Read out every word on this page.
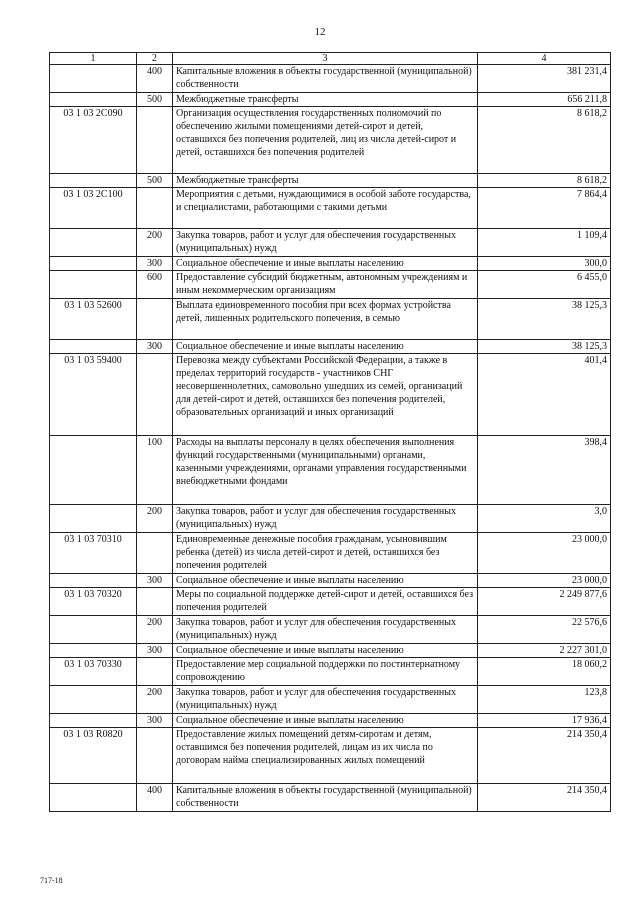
12
1	2	3	4
	400	Капитальные вложения в объекты государственной (муниципальной) собственности	381 231,4
	500	Межбюджетные трансферты	656 211,8
03 1 03 2С090		Организация осуществления государственных полномочий по обеспечению жилыми помещениями детей-сирот и детей, оставшихся без попечения родителей, лиц из числа детей-сирот и детей, оставшихся без попечения родителей	8 618,2
	500	Межбюджетные трансферты	8 618,2
03 1 03 2С100		Мероприятия с детьми, нуждающимися в особой заботе государства, и специалистами, работающими с такими детьми	7 864,4
	200	Закупка товаров, работ и услуг для обеспечения государственных (муниципальных) нужд	1 109,4
	300	Социальное обеспечение и иные выплаты населению	300,0
	600	Предоставление субсидий бюджетным, автономным учреждениям и иным некоммерческим организациям	6 455,0
03 1 03 52600		Выплата единовременного пособия при всех формах устройства детей, лишенных родительского попечения, в семью	38 125,3
	300	Социальное обеспечение и иные выплаты населению	38 125,3
03 1 03 59400		Перевозка между субъектами Российской Федерации, а также в пределах территорий государств - участников СНГ несовершеннолетних, самовольно ушедших из семей, организаций для детей-сирот и детей, оставшихся без попечения родителей, образовательных организаций и иных организаций	401,4
	100	Расходы на выплаты персоналу в целях обеспечения выполнения функций государственными (муниципальными) органами, казенными учреждениями, органами управления государственными внебюджетными фондами	398,4
	200	Закупка товаров, работ и услуг для обеспечения государственных (муниципальных) нужд	3,0
03 1 03 70310		Единовременные денежные пособия гражданам, усыновившим ребенка (детей) из числа детей-сирот и детей, оставшихся без попечения родителей	23 000,0
	300	Социальное обеспечение и иные выплаты населению	23 000,0
03 1 03 70320		Меры по социальной поддержке детей-сирот и детей, оставшихся без попечения родителей	2 249 877,6
	200	Закупка товаров, работ и услуг для обеспечения государственных (муниципальных) нужд	22 576,6
	300	Социальное обеспечение и иные выплаты населению	2 227 301,0
03 1 03 70330		Предоставление мер социальной поддержки по постинтернатному сопровождению	18 060,2
	200	Закупка товаров, работ и услуг для обеспечения государственных (муниципальных) нужд	123,8
	300	Социальное обеспечение и иные выплаты населению	17 936,4
03 1 03 R0820		Предоставление жилых помещений детям-сиротам и детям, оставшимся без попечения родителей, лицам из их числа по договорам найма специализированных жилых помещений	214 350,4
	400	Капитальные вложения в объекты государственной (муниципальной) собственности	214 350,4
717-18
